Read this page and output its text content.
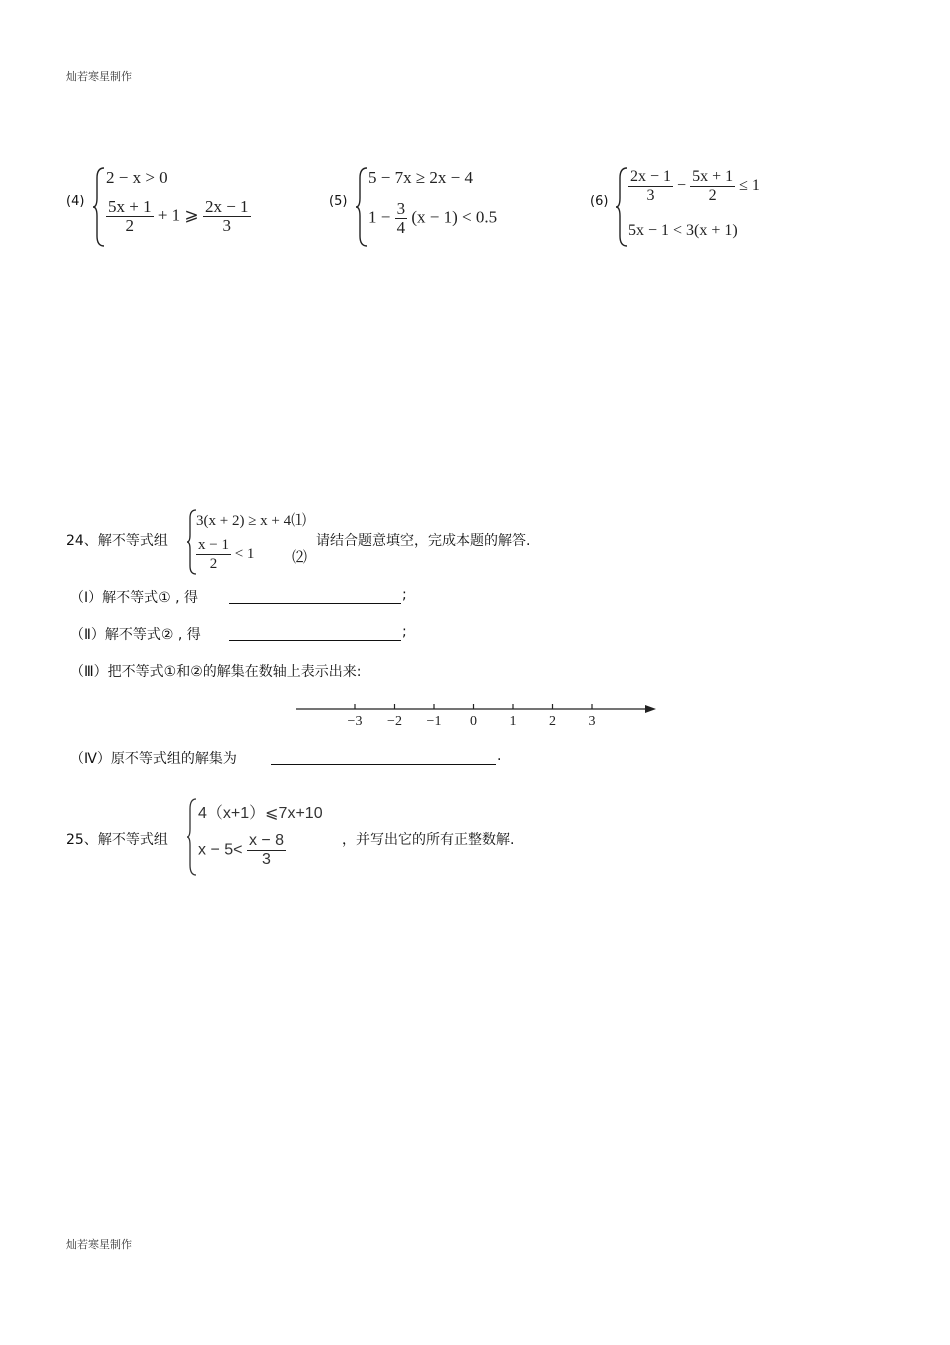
灿若寒星制作
灿若寒星制作
(4)
2 − x > 0
$\frac{5x + 1}{2} + 1$ ⩾ $\frac{2x - 1}{3}$	(5)
5 − 7x ≥ 2x − 4
$1 - \frac{3}{4} (x - 1) < 0.5$
$(6) \frac{2x - 1}{3} - \frac{5x + 1}{2} \le 1$
5x − 1 < 3(x + 1)
24、解不等式组
3(x + 2) ≥ x + 4⑴
$\frac{x - 1}{2} < 1$	⑵
请结合题意填空，完成本题的解答.
（Ⅰ）解不等式① , 得	;
（Ⅱ）解不等式② , 得	;
（Ⅲ）把不等式①和②的解集在数轴上表示出来:
−3 −2 −1 0 1 2 3
（Ⅳ）原不等式组的解集为	.
25、解不等式组
4（x+1）⩽7x+10
$x - 5< \frac{x - 8}{3}$	，并写出它的所有正整数解.
